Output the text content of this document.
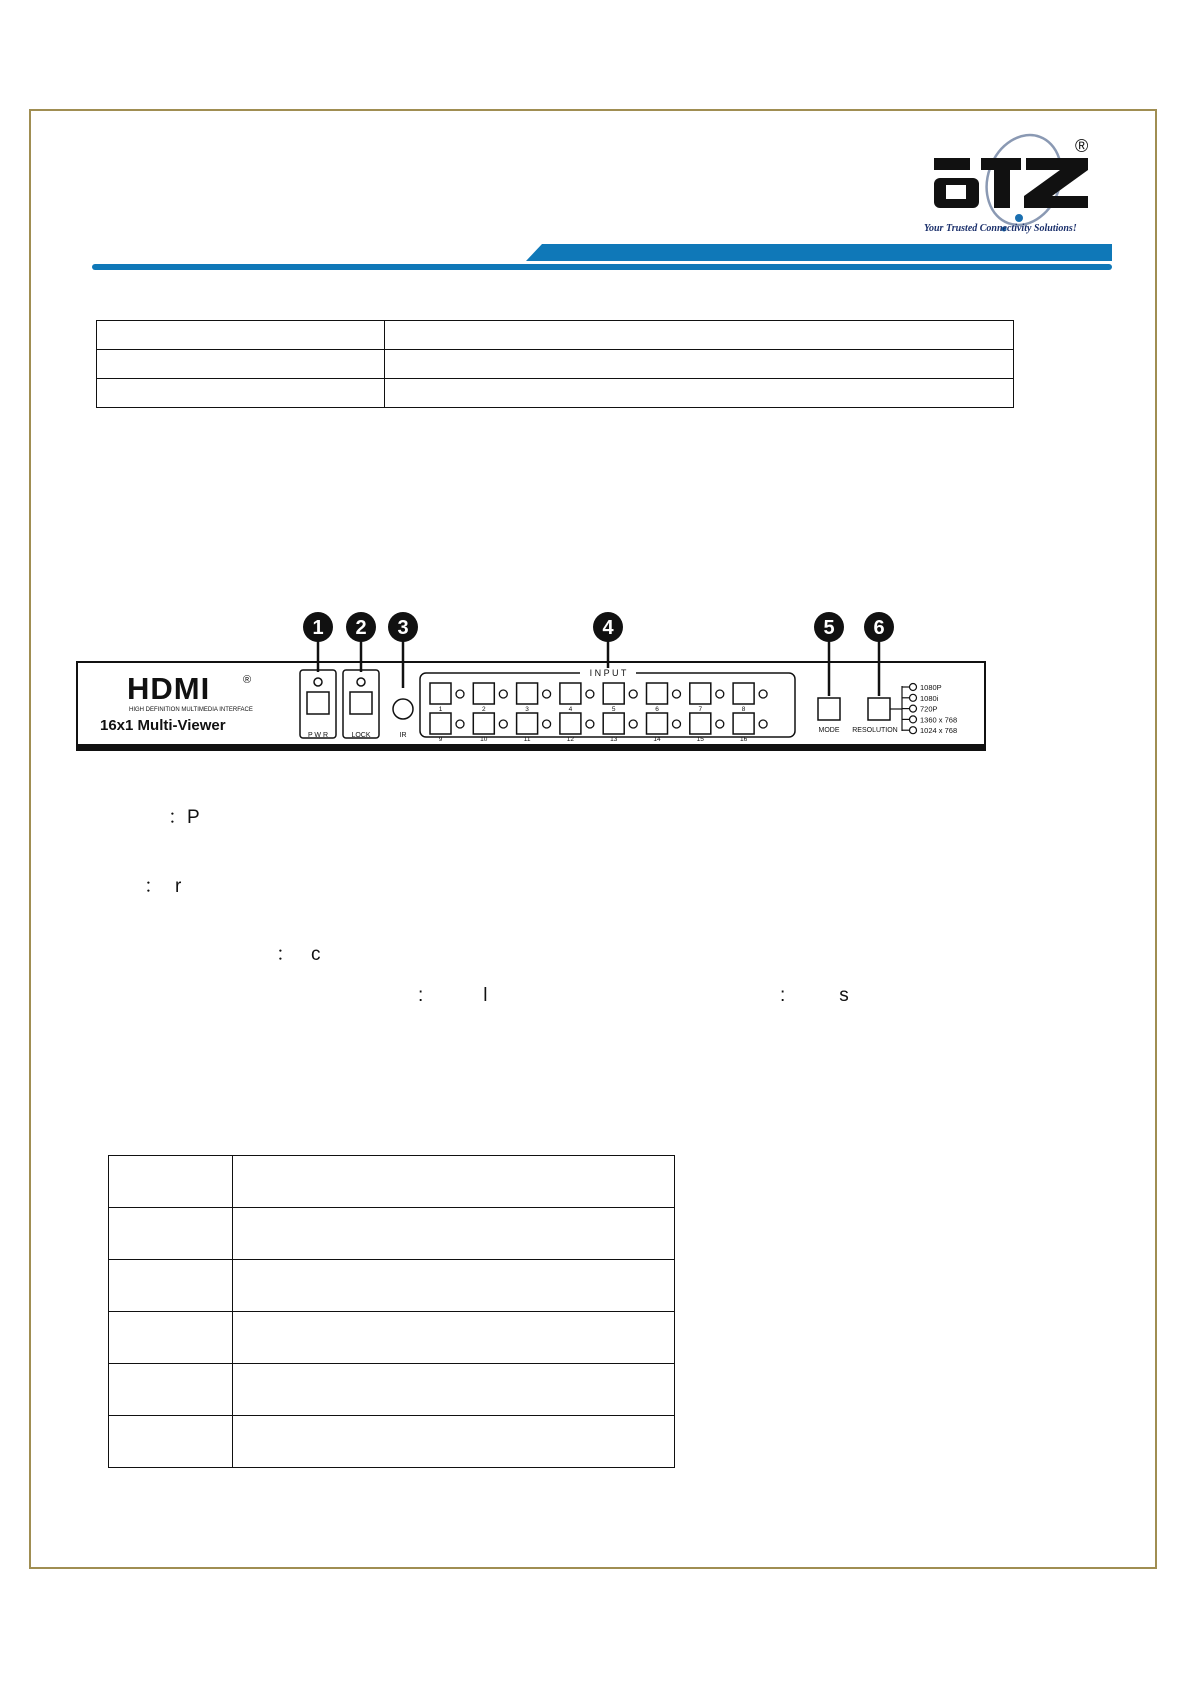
®
Your Trusted Connectivity Solutions!

1 2 3	4	5 6
HDMI	®
HIGH DEFINITION MULTIMEDIA INTERFACE
16x1 Multi-Viewer
P W R	LOCK	IR
I N P U T
1	2	3	4	5	6	7	8
9	10	11	12	13	14	15	16
MODE RESOLUTION
1080P
1080i
720P
1360 x 768
1024 x 768
：P
： r
： c
:	l	:	s
